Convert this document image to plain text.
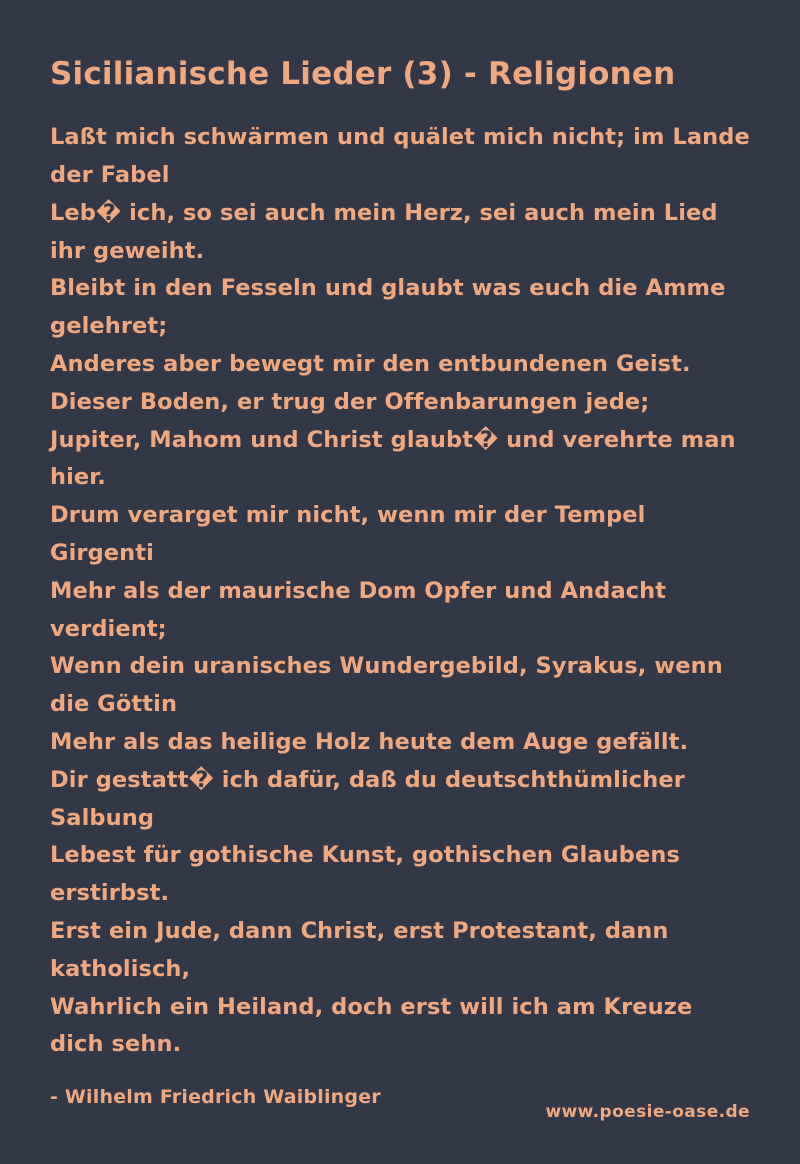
Sicilianische Lieder (3) - Religionen
Laßt mich schwärmen und quälet mich nicht; im Lande der Fabel
Leb� ich, so sei auch mein Herz, sei auch mein Lied ihr geweiht.
Bleibt in den Fesseln und glaubt was euch die Amme gelehret;
Anderes aber bewegt mir den entbundenen Geist.
Dieser Boden, er trug der Offenbarungen jede;
Jupiter, Mahom und Christ glaubt� und verehrte man hier.
Drum verarget mir nicht, wenn mir der Tempel Girgenti
Mehr als der maurische Dom Opfer und Andacht verdient;
Wenn dein uranisches Wundergebild, Syrakus, wenn die Göttin
Mehr als das heilige Holz heute dem Auge gefällt.
Dir gestatt� ich dafür, daß du deutschthümlicher Salbung
Lebest für gothische Kunst, gothischen Glaubens erstirbst.
Erst ein Jude, dann Christ, erst Protestant, dann katholisch,
Wahrlich ein Heiland, doch erst will ich am Kreuze dich sehn.
- Wilhelm Friedrich Waiblinger
www.poesie-oase.de
